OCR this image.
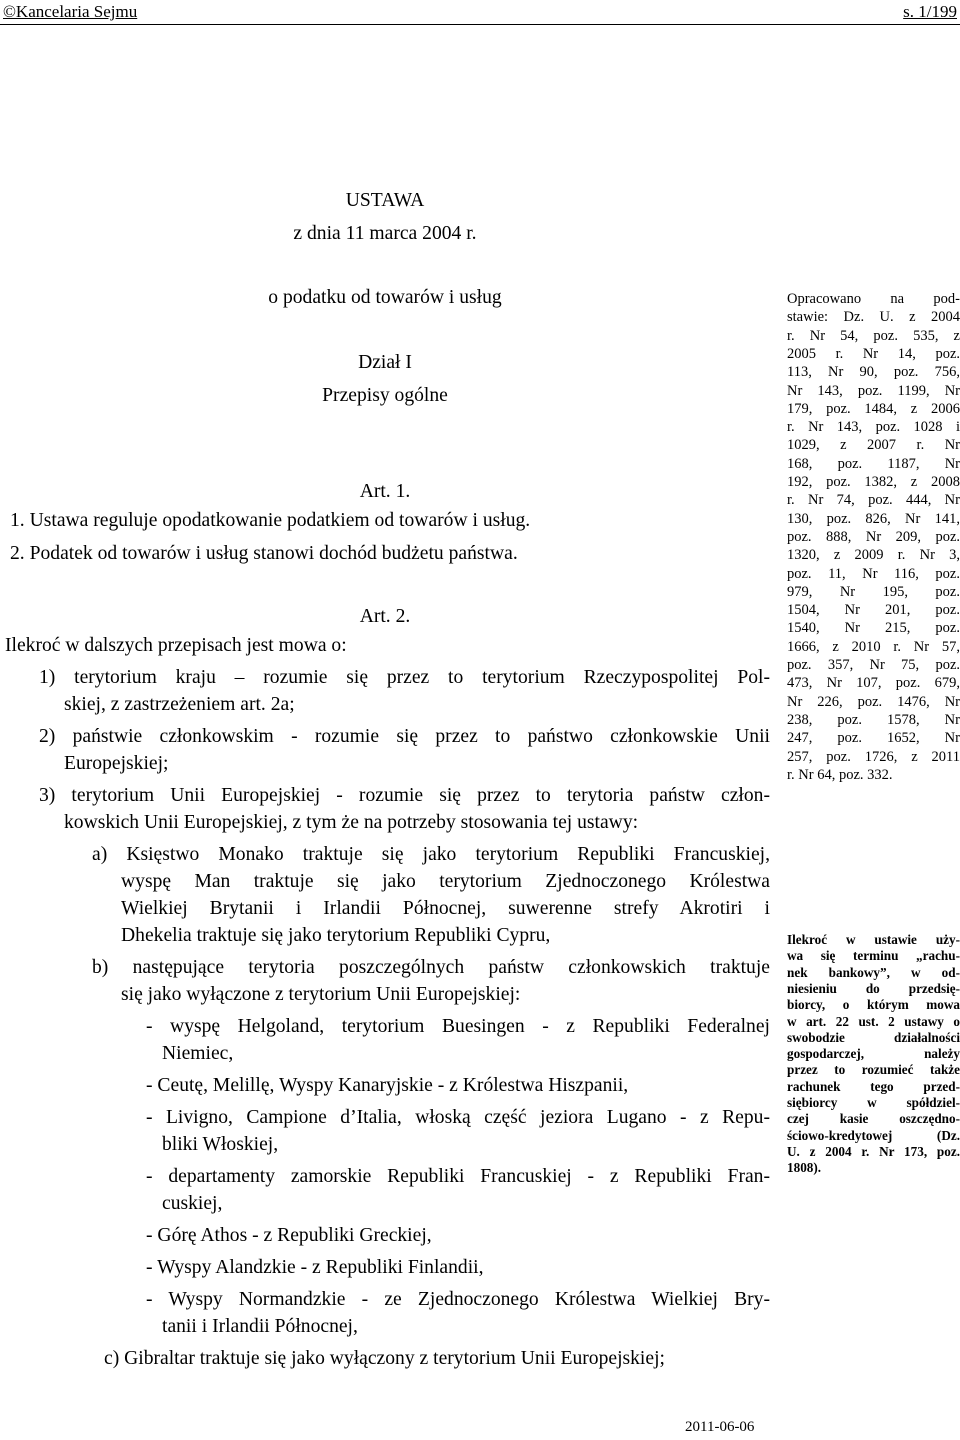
©Kancelaria Sejmu	s. 1/199
USTAWA
z dnia 11 marca 2004 r.
o podatku od towarów i usług
Dział I
Przepisy ogólne
Art. 1.
1. Ustawa reguluje opodatkowanie podatkiem od towarów i usług.
2. Podatek od towarów i usług stanowi dochód budżetu państwa.
Art. 2.
Ilekroć w dalszych przepisach jest mowa o:
1) terytorium kraju – rozumie się przez to terytorium Rzeczypospolitej Pol-
skiej, z zastrzeżeniem art. 2a;
2) państwie członkowskim - rozumie się przez to państwo członkowskie Unii
Europejskiej;
3) terytorium Unii Europejskiej - rozumie się przez to terytoria państw człon-
kowskich Unii Europejskiej, z tym że na potrzeby stosowania tej ustawy:
a) Księstwo Monako traktuje się jako terytorium Republiki Francuskiej,
wyspę Man traktuje się jako terytorium Zjednoczonego Królestwa
Wielkiej Brytanii i Irlandii Północnej, suwerenne strefy Akrotiri i
Dhekelia traktuje się jako terytorium Republiki Cypru,
b) następujące terytoria poszczególnych państw członkowskich traktuje
się jako wyłączone z terytorium Unii Europejskiej:
- wyspę Helgoland, terytorium Buesingen - z Republiki Federalnej
Niemiec,
- Ceutę, Melillę, Wyspy Kanaryjskie - z Królestwa Hiszpanii,
- Livigno, Campione d’Italia, włoską część jeziora Lugano - z Repu-
bliki Włoskiej,
- departamenty zamorskie Republiki Francuskiej - z Republiki Fran-
cuskiej,
- Górę Athos - z Republiki Greckiej,
- Wyspy Alandzkie - z Republiki Finlandii,
- Wyspy Normandzkie - ze Zjednoczonego Królestwa Wielkiej Bry-
tanii i Irlandii Północnej,
c) Gibraltar traktuje się jako wyłączony z terytorium Unii Europejskiej;
Opracowano na pod-
stawie: Dz. U. z 2004
r. Nr 54, poz. 535, z
2005 r. Nr 14, poz.
113, Nr 90, poz. 756,
Nr 143, poz. 1199, Nr
179, poz. 1484, z 2006
r. Nr 143, poz. 1028 i
1029, z 2007 r. Nr
168, poz. 1187, Nr
192, poz. 1382, z 2008
r. Nr 74, poz. 444, Nr
130, poz. 826, Nr 141,
poz. 888, Nr 209, poz.
1320, z 2009 r. Nr 3,
poz. 11, Nr 116, poz.
979, Nr 195, poz.
1504, Nr 201, poz.
1540, Nr 215, poz.
1666, z 2010 r. Nr 57,
poz. 357, Nr 75, poz.
473, Nr 107, poz. 679,
Nr 226, poz. 1476, Nr
238, poz. 1578, Nr
247, poz. 1652, Nr
257, poz. 1726, z 2011
r. Nr 64, poz. 332.
Ilekroć w ustawie uży-
wa się terminu „rachu-
nek bankowy”, w od-
niesieniu do przedsię-
biorcy, o którym mowa
w art. 22 ust. 2 ustawy o
swobodzie działalności
gospodarczej, należy
przez to rozumieć także
rachunek tego przed-
siębiorcy w spółdziel-
czej kasie oszczędno-
ściowo-kredytowej (Dz.
U. z 2004 r. Nr 173, poz.
1808).
2011-06-06
